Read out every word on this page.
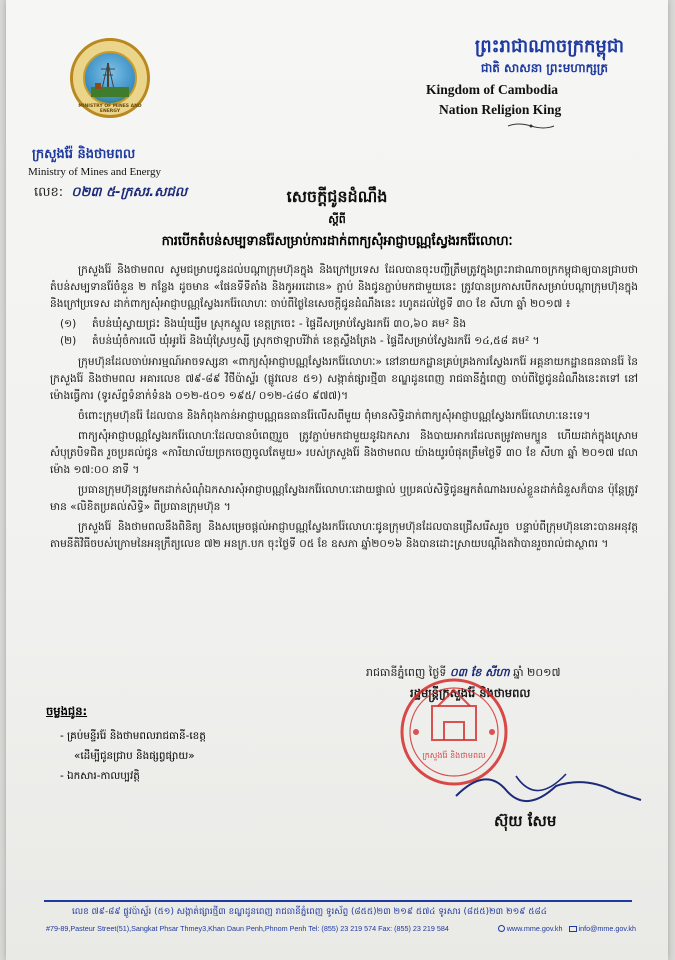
MINISTRY OF MINES AND ENERGY
ក្រសួងរ៉ែ និងថាមពល
Ministry of Mines and Energy
លេខ: ០២៣ ៥-ក្រសរ.សជល
ព្រះរាជាណាចក្រកម្ពុជា
ជាតិ សាសនា ព្រះមហាក្សត្រ
Kingdom of Cambodia
Nation Religion King
សេចក្តីជូនដំណឹង
ស្តីពី
ការបើកតំបន់សម្បទានរ៉ែសម្រាប់ការដាក់ពាក្យសុំអាជ្ញាបណ្ណស្វែងរករ៉ែលោហៈ

ក្រសួងរ៉ែ និងថាមពល សូមជម្រាបជូនដល់បណ្តាក្រុមហ៊ុនក្នុង និងក្រៅប្រទេស ដែលបានចុះបញ្ជីត្រឹមត្រូវក្នុងព្រះរាជាណាចក្រកម្ពុជាឲ្យបានជ្រាបថា តំបន់សម្បទានរ៉ែចំនួន ២ កន្លែង ដូចមាន «ផែនទីទីតាំង និងកូអរដោនេ» ភ្ជាប់ និងជូនភ្ជាប់មកជាមួយនេះ ត្រូវបានប្រកាសបើកសម្រាប់បណ្តាក្រុមហ៊ុនក្នុង និងក្រៅប្រទេស ដាក់ពាក្យសុំអាជ្ញាបណ្ណស្វែងរករ៉ែលោហៈ ចាប់ពីថ្ងៃនៃសេចក្តីជូនដំណឹងនេះ រហូតដល់ថ្ងៃទី ៣០ ខែ សីហា ឆ្នាំ ២០១៧ ៖

(១)	តំបន់ឃុំស្វាយជ្រះ និងឃុំឃ្សឹម ស្រុកស្នួល ខេត្តក្រចេះ - ផ្ទៃដីសម្រាប់ស្វែងរករ៉ែ ៣០,៦០ គម² និង
(២)	តំបន់ឃុំចំការលើ ឃុំអូររ៉ៃ និងឃុំស្រែឫស្សី ស្រុកថាឡាបរិវ៉ាត់ ខេត្តស្ទឹងត្រែង - ផ្ទៃដីសម្រាប់ស្វែងរករ៉ែ ១៤,៥៨ គម² ។

ក្រុមហ៊ុនដែលចាប់អារម្មណ៍អាចទស្សនា «ពាក្យសុំអាជ្ញាបណ្ណស្វែងរករ៉ែលោហៈ» នៅនាយកដ្ឋានគ្រប់គ្រងការស្វែងរករ៉ែ អគ្គនាយកដ្ឋានធនធានរ៉ែ នៃក្រសួងរ៉ែ និងថាមពល អគារលេខ ៧៩-៨៩ វិថីប៉ាស្ទ័រ (ផ្លូវលេខ ៥១) សង្កាត់ផ្សារថ្មី៣ ខណ្ឌដូនពេញ រាជធានីភ្នំពេញ ចាប់ពីថ្ងៃជូនដំណឹងនេះតទៅ នៅម៉ោងធ្វើការ (ទូរស័ព្ទទំនាក់ទំនង ០១២-៥០១ ១៩៥/ ០១២-៤៨០ ៩៧៧)។

ចំពោះក្រុមហ៊ុនរ៉ែ ដែលបាន និងកំពុងកាន់អាជ្ញាបណ្ណធនធានរ៉ែលើសពីមួយ ពុំមានសិទ្ធិដាក់ពាក្យសុំអាជ្ញាបណ្ណស្វែងរករ៉ែលោហៈនេះទេ។

ពាក្យសុំអាជ្ញាបណ្ណស្វែងរករ៉ែលោហៈដែលបានបំពេញរួច ត្រូវភ្ជាប់មកជាមួយនូវឯកសារ និងបាយអាករដែលតម្រូវតាមក្បួន ហើយដាក់ក្នុងស្រោមសំបុត្របិទជិត រួចប្រគល់ជូន «ការិយាល័យច្រកចេញចូលតែមួយ» របស់ក្រសួងរ៉ែ និងថាមពល យ៉ាងយូរបំផុតត្រឹមថ្ងៃទី ៣០ ខែ សីហា ឆ្នាំ ២០១៧ វេលាម៉ោង ១៧:០០ នាទី ។

ប្រធានក្រុមហ៊ុនត្រូវមកដាក់សំណុំឯកសារសុំអាជ្ញាបណ្ណស្វែងរករ៉ែលោហៈដោយផ្ទាល់ ឬប្រគល់សិទ្ធិជូនអ្នកតំណាងរបស់ខ្លួនដាក់ជំនួសក៏បាន ប៉ុន្តែត្រូវមាន «លិខិតប្រគល់សិទ្ធិ» ពីប្រធានក្រុមហ៊ុន ។

ក្រសួងរ៉ែ និងថាមពលនឹងពិនិត្យ និងសម្រេចផ្តល់អាជ្ញាបណ្ណស្វែងរករ៉ែលោហៈជូនក្រុមហ៊ុនដែលបានជ្រើសរើសរួច បន្ទាប់ពីក្រុមហ៊ុននោះបានអនុវត្តតាមនីតិវិធីចបស់ក្រោមនៃអនុក្រឹត្យលេខ ៧២ អនក្រ.បក ចុះថ្ងៃទី ០៥ ខែ ឧសភា ឆ្នាំ២០១៦ និងបានដោះស្រាយបណ្តឹងតវ៉ាបានរួចរាល់ជាស្ថាពរ ។

រាជធានីភ្នំពេញ ថ្ងៃទី ០៣ ខែ សីហា ឆ្នាំ ២០១៧
រដ្ឋមន្ត្រីក្រសួងរ៉ែ និងថាមពល
ក្រសួងរ៉ែ និងថាមពល
ស៊ុយ សែម
ចម្លងជូន:
- គ្រប់មន្ទីររ៉ែ និងថាមពលរាជធានី-ខេត្ត
«ដើម្បីជូនជ្រាប និងផ្សព្វផ្សាយ»
- ឯកសារ-កាលប្បវត្តិ
លេខ ៧៩-៨៩ ផ្លូវប៉ាស្ទ័រ (៥១) សង្កាត់ផ្សារថ្មី៣ ខណ្ឌដូនពេញ រាជធានីភ្នំពេញ ទូរស័ព្ទ (៨៥៥)២៣ ២១៩ ៥៧៤ ទូរសារ (៨៥៥)២៣ ២១៩ ៥៨៤
#79-89,Pasteur Street(51),Sangkat Phsar Thmey3,Khan Daun Penh,Phnom Penh Tel: (855) 23 219 574 Fax: (855) 23 219 584	www.mme.gov.kh info@mme.gov.kh
